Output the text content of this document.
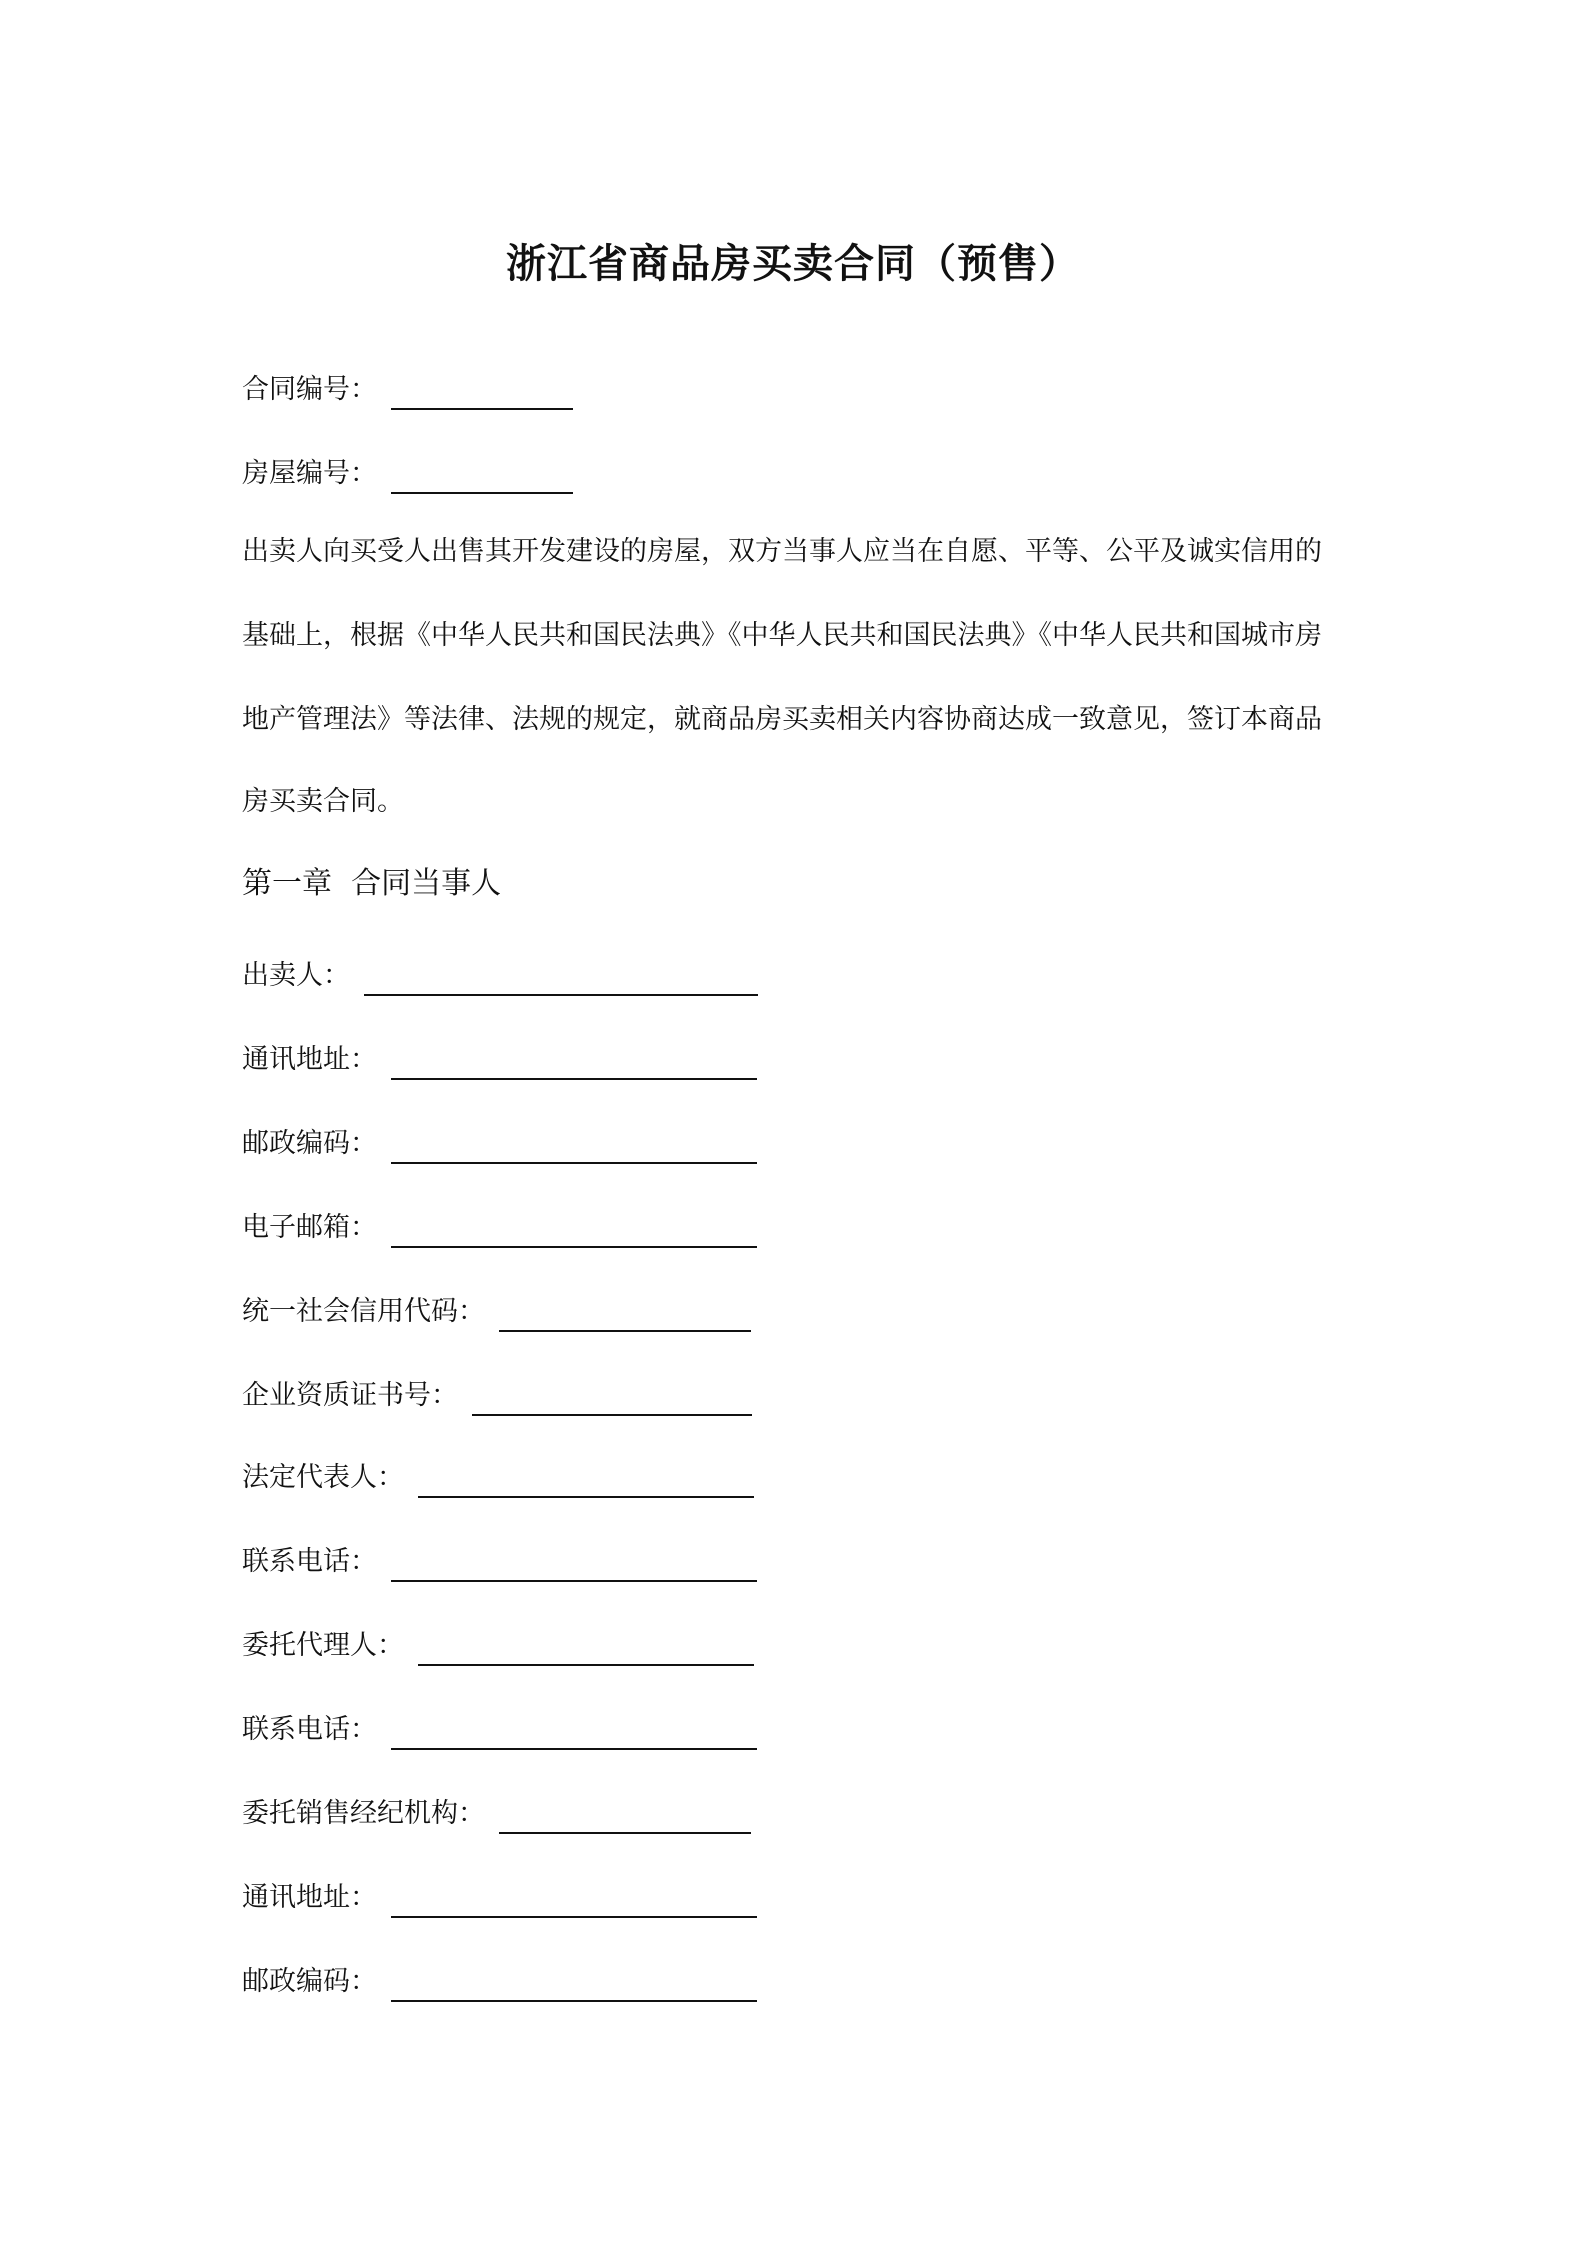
浙江省商品房买卖合同（预售）
合同编号：
房屋编号：
出卖人向买受人出售其开发建设的房屋，双方当事人应当在自愿、平等、公平及诚实信用的
基础上，根据《中华人民共和国民法典》《中华人民共和国民法典》《中华人民共和国城市房
地产管理法》等法律、法规的规定，就商品房买卖相关内容协商达成一致意见，签订本商品
房买卖合同。
第一章  合同当事人
出卖人：
通讯地址：
邮政编码：
电子邮箱：
统一社会信用代码：
企业资质证书号：
法定代表人：
联系电话：
委托代理人：
联系电话：
委托销售经纪机构：
通讯地址：
邮政编码：
